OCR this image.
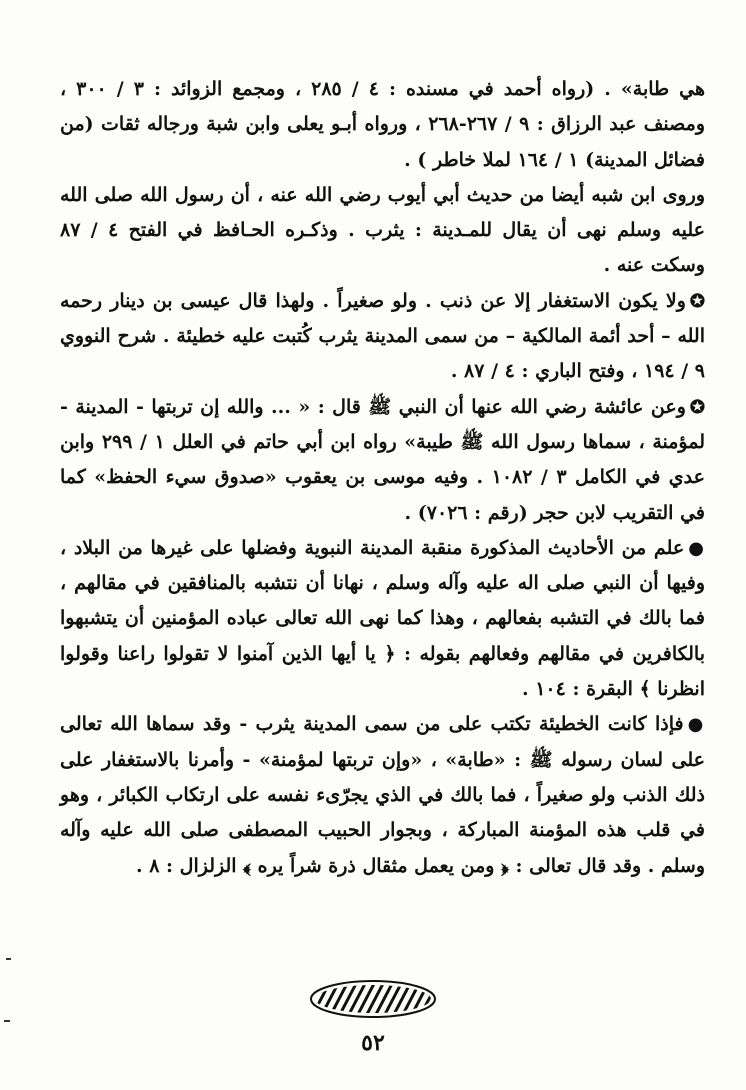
هي طابة» . (رواه أحمد في مسنده : ٤ / ٢٨٥ ، ومجمع الزوائد : ٣ / ٣٠٠ ، ومصنف عبد الرزاق : ٩ / ٢٦٧-٢٦٨ ، ورواه أبـو يعلى وابن شبة ورجاله ثقات (من فضائل المدينة) ١ / ١٦٤ لملا خاطر ) .

وروى ابن شبه أيضا من حديث أبي أيوب رضي الله عنه ، أن رسول الله صلى الله عليه وسلم نهى أن يقال للمـدينة : يثرب . وذكـره الحـافظ في الفتح ٤ / ٨٧ وسكت عنه .

✪ولا يكون الاستغفار إلا عن ذنب . ولو صغيراً . ولهذا قال عيسى بن دينار رحمه الله – أحد أئمة المالكية – من سمى المدينة يثرب كُتبت عليه خطيئة . شرح النووي ٩ / ١٩٤ ، وفتح الباري : ٤ / ٨٧ .

✪وعن عائشة رضي الله عنها أن النبي ﷺ قال : « ... والله إن تربتها - المدينة - لمؤمنة ، سماها رسول الله ﷺ طيبة» رواه ابن أبي حاتم في العلل ١ / ٢٩٩ وابن عدي في الكامل ٣ / ١٠٨٢ . وفيه موسى بن يعقوب «صدوق سيء الحفظ» كما في التقريب لابن حجر (رقم : ٧٠٢٦) .

●علم من الأحاديث المذكورة منقبة المدينة النبوية وفضلها على غيرها من البلاد ، وفيها أن النبي صلى اله عليه وآله وسلم ، نهانا أن نتشبه بالمنافقين في مقالهم ، فما بالك في التشبه بفعالهم ، وهذا كما نهى الله تعالى عباده المؤمنين أن يتشبهوا بالكافرين في مقالهم وفعالهم بقوله : ﴿ يا أيها الذين آمنوا لا تقولوا راعنا وقولوا انظرنا ﴾ البقرة : ١٠٤ .

●فإذا كانت الخطيئة تكتب على من سمى المدينة يثرب - وقد سماها الله تعالى على لسان رسوله ﷺ : «طابة» ، «وإن تربتها لمؤمنة» - وأمرنا بالاستغفار على ذلك الذنب ولو صغيراً ، فما بالك في الذي يجرّىء نفسه على ارتكاب الكبائر ، وهو في قلب هذه المؤمنة المباركة ، وبجوار الحبيب المصطفى صلى الله عليه وآله وسلم . وقد قال تعالى : ﴿ ومن يعمل مثقال ذرة شراً يره ﴾ الزلزال : ٨ .

٥٢
